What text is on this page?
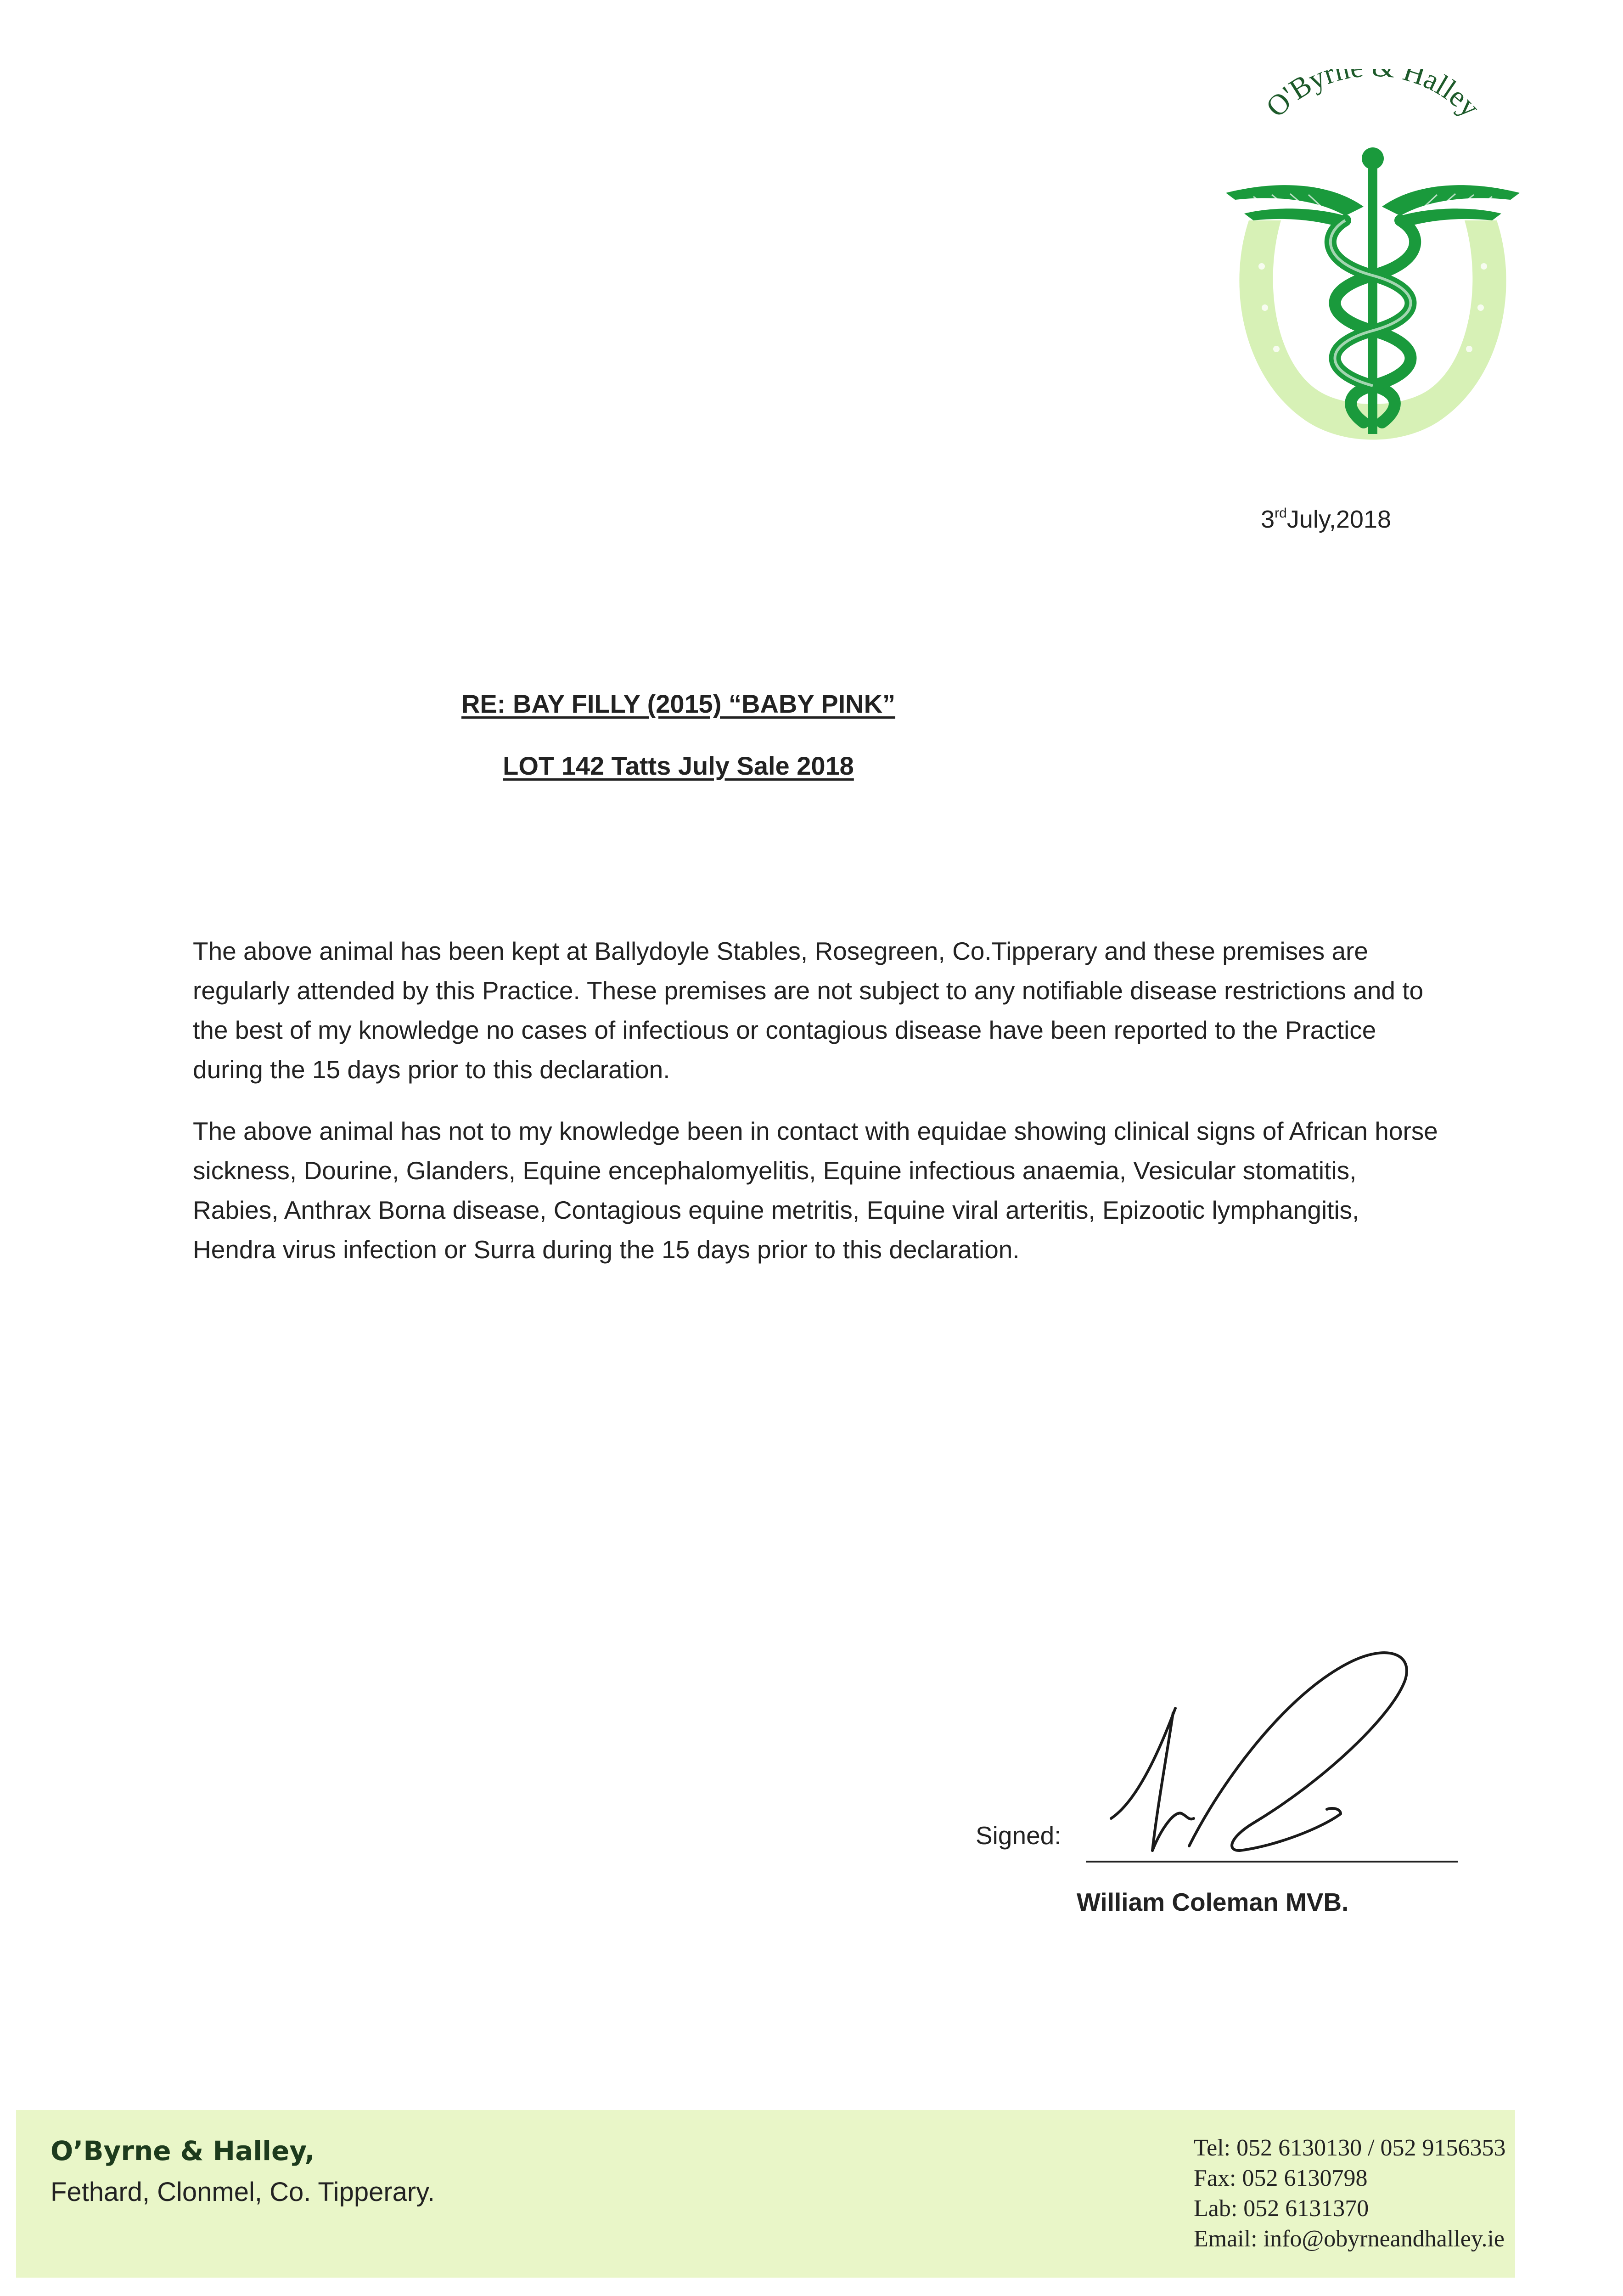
O'Byrn Halley
3rdJuly,2018
RE: BAY FILLY (2015) “BABY PINK”
LOT 142 Tatts July Sale 2018

The above animal has been kept at Ballydoyle Stables, Rosegreen, Co.Tipperary and these premises are regularly attended by this Practice. These premises are not subject to any notifiable disease restrictions and to the best of my knowledge no cases of infectious or contagious disease have been reported to the Practice during the 15 days prior to this declaration.

The above animal has not to my knowledge been in contact with equidae showing clinical signs of African horse sickness, Dourine, Glanders, Equine encephalomyelitis, Equine infectious anaemia, Vesicular stomatitis, Rabies, Anthrax Borna disease, Contagious equine metritis, Equine viral arteritis, Epizootic lymphangitis, Hendra virus infection or Surra during the 15 days prior to this declaration.

Signed:
William Coleman MVB.
O’Byrne & Halley,
Fethard, Clonmel, Co. Tipperary.
Tel: 052 6130130 / 052 9156353
Fax: 052 6130798
Lab: 052 6131370
Email: info@obyrneandhalley.ie
